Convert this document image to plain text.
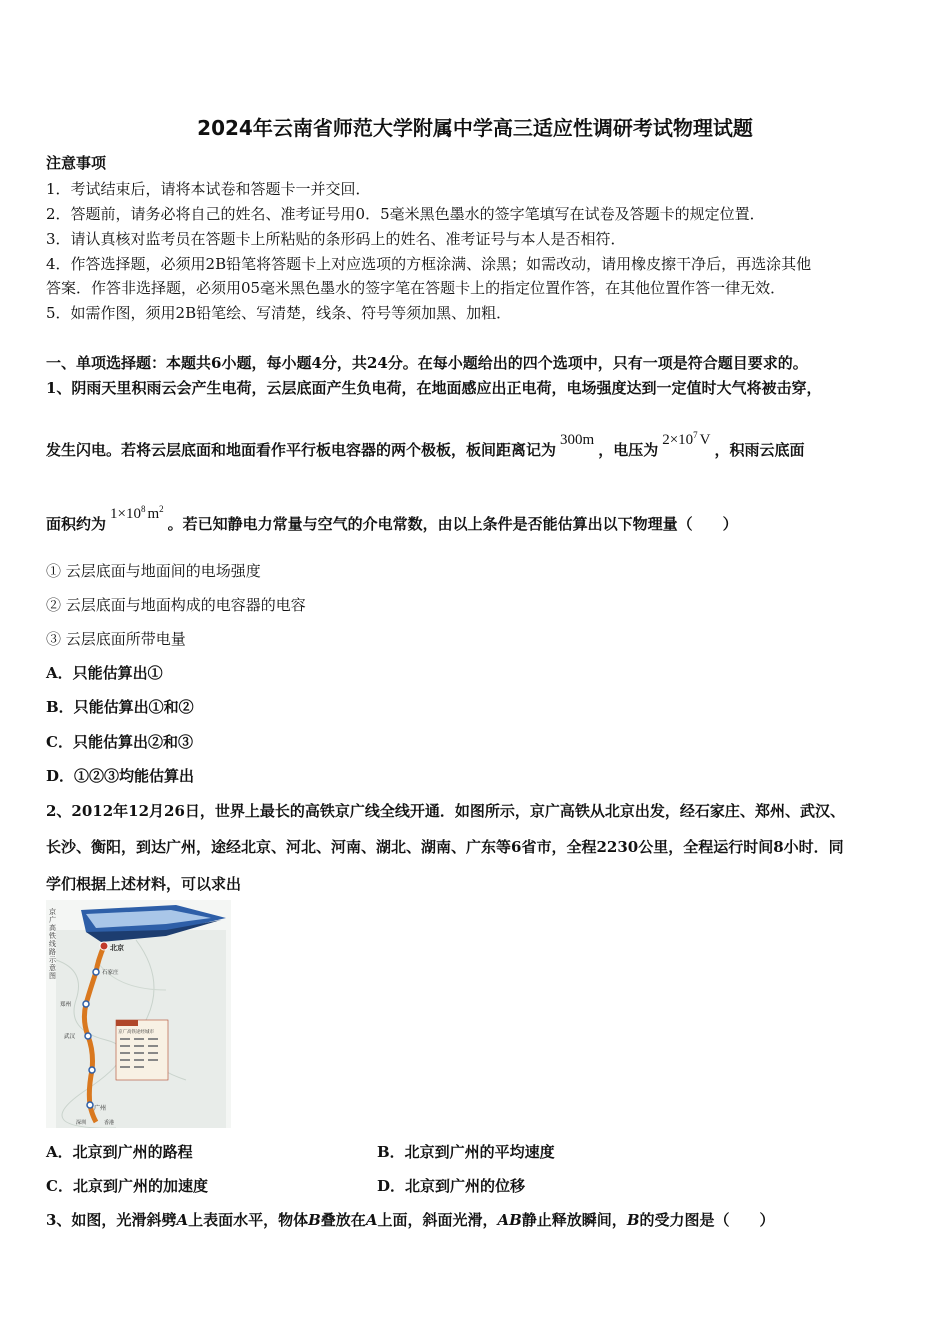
2024年云南省师范大学附属中学高三适应性调研考试物理试题
注意事项
1．考试结束后，请将本试卷和答题卡一并交回．
2．答题前，请务必将自己的姓名、准考证号用0．5毫米黑色墨水的签字笔填写在试卷及答题卡的规定位置．
3．请认真核对监考员在答题卡上所粘贴的条形码上的姓名、准考证号与本人是否相符．
4．作答选择题，必须用2B铅笔将答题卡上对应选项的方框涂满、涂黑；如需改动，请用橡皮擦干净后，再选涂其他
答案．作答非选择题，必须用05毫米黑色墨水的签字笔在答题卡上的指定位置作答，在其他位置作答一律无效．
5．如需作图，须用2B铅笔绘、写清楚，线条、符号等须加黑、加粗．
一、单项选择题：本题共6小题，每小题4分，共24分。在每小题给出的四个选项中，只有一项是符合题目要求的。
1、阴雨天里积雨云会产生电荷，云层底面产生负电荷，在地面感应出正电荷，电场强度达到一定值时大气将被击穿，
发生闪电。若将云层底面和地面看作平行板电容器的两个极板，板间距离记为300m，电压为$2\times 10^7$ V，积雨云底面
面积约为$1\times 10^8$ $m^2$。若已知静电力常量与空气的介电常数，由以上条件是否能估算出以下物理量（　　）
① 云层底面与地面间的电场强度
② 云层底面与地面构成的电容器的电容
③ 云层底面所带电量
A．只能估算出①
B．只能估算出①和②
C．只能估算出②和③
D．①②③均能估算出
2、2012年12月26日，世界上最长的高铁京广线全线开通．如图所示，京广高铁从北京出发，经石家庄、郑州、武汉、
长沙、衡阳，到达广州，途经北京、河北、河南、湖北、湖南、广东等6省市，全程2230公里，全程运行时间8小时．同
学们根据上述材料，可以求出
京广高铁线路示意图
北京
石家庄
郑州
武汉
广州
深圳	香港
京广高铁途经城市
A．北京到广州的路程	B．北京到广州的平均速度
C．北京到广州的加速度	D．北京到广州的位移
3、如图，光滑斜劈A上表面水平，物体B叠放在A上面，斜面光滑，AB静止释放瞬间，B的受力图是（　　）
